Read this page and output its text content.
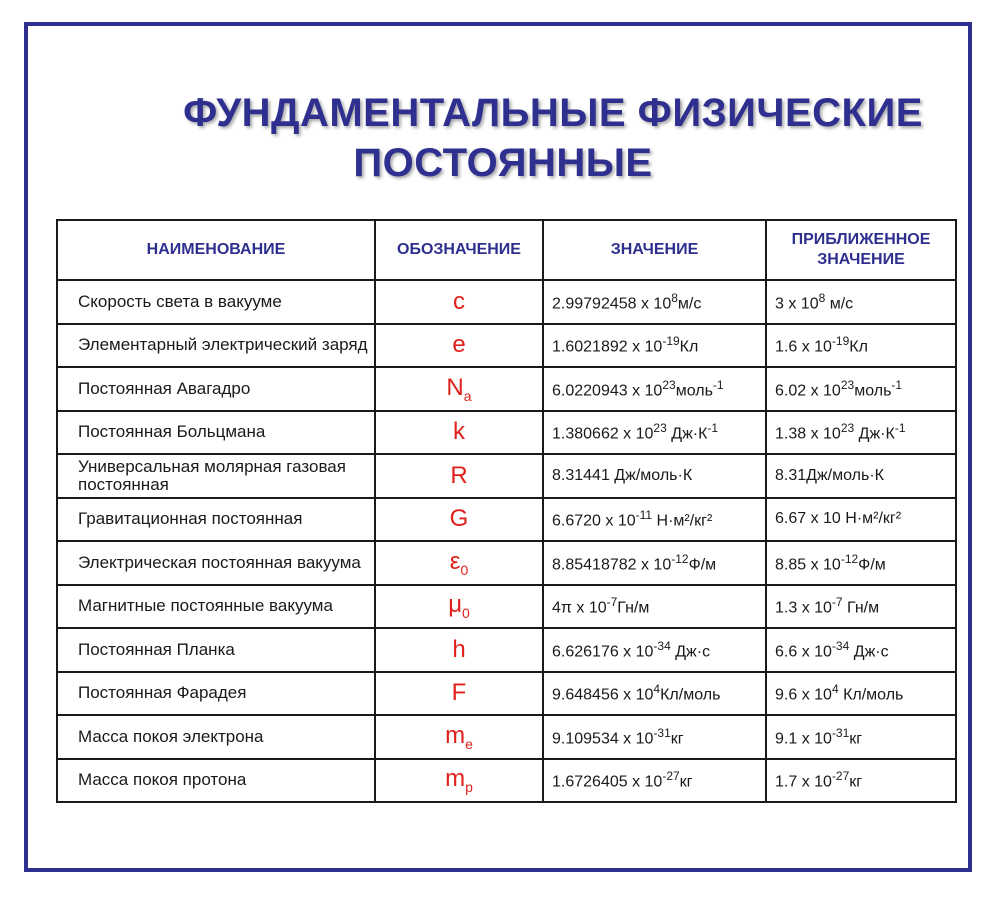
ФУНДАМЕНТАЛЬНЫЕ ФИЗИЧЕСКИЕ
ПОСТОЯННЫЕ
НАИМЕНОВАНИЕ	ОБОЗНАЧЕНИЕ	ЗНАЧЕНИЕ	ПРИБЛИЖЕННОЕ ЗНАЧЕНИЕ
Скорость света в вакууме	c	2.99792458 x $10^8м/с$	3 x $10^8$ м/с
Элементарный электрический заряд	e	1.6021892 x $10^{-19}Кл$	1.6 x $10^{-19}Кл$
Постоянная Авагадро	$N_a$	6.0220943 x $10^{23}моль^{-1}$	6.02 x $10^{23}моль^{-1}$
Постоянная Больцмана	k	1.380662 x $10^{23}$ $Дж\cdot К^{-1}$	1.38 x $10^{23}$ $Дж\cdot К^{-1}$
Универсальная молярная газовая постоянная	R	8.31441 Дж/моль·К	8.31Дж/моль·К
Гравитационная постоянная	G	6.6720 x $10^{-11}$ Н·м²/кг²	6.67 x 10 Н·м²/кг²
Электрическая постоянная вакуума	$\varepsilon_0$	8.85418782 x $10^{-12}Ф/м$	8.85 x $10^{-12}Ф/м$
Магнитные постоянные вакуума	$\mu_0$	4π x $10^{-7}Гн/м$	1.3 x $10^{-7}$ Гн/м
Постоянная Планка	h	6.626176 x $10^{-34}$ Дж·с	6.6 x $10^{-34}$ Дж·с
Постоянная Фарадея	F	9.648456 x $10^4Кл$/моль	9.6 x $10^4$ Кл/моль
Масса покоя электрона	$m_e$	9.109534 x $10^{-31}кг$	9.1 x $10^{-31}кг$
Масса покоя протона	$m_p$	1.6726405 x $10^{-27}кг$	1.7 x $10^{-27}кг$
